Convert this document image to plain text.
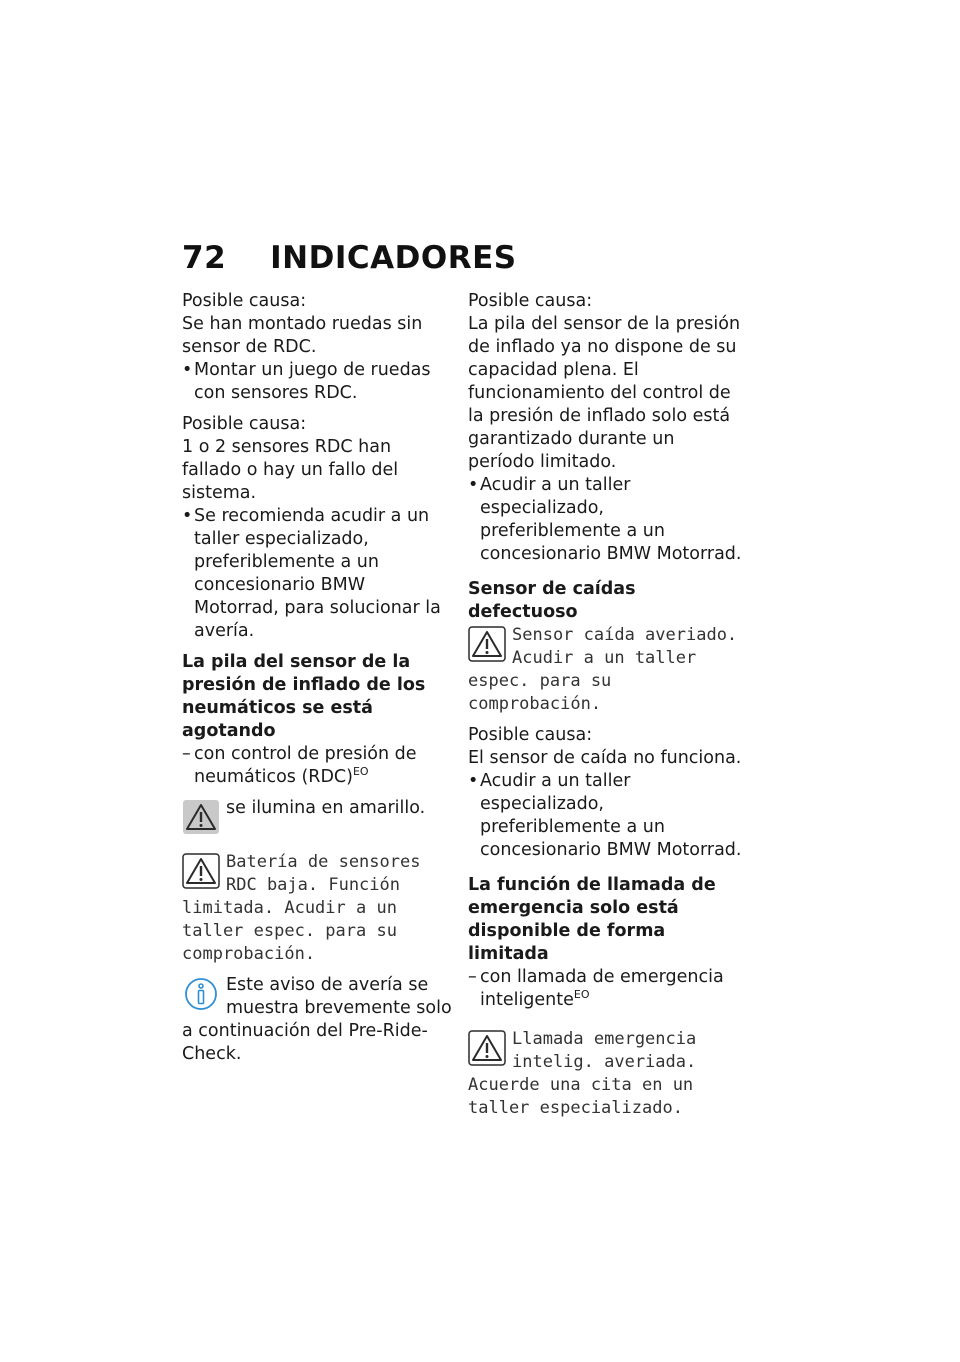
72 INDICADORES

Posible causa:

Se han montado ruedas sin sensor de RDC.

• Montar un juego de ruedas con sensores RDC.

Posible causa:

1 o 2 sensores RDC han fallado o hay un fallo del sistema.

• Se recomienda acudir a un taller especializado, preferiblemente a un concesionario BMW Motorrad, para solucionar la avería.

La pila del sensor de la presión de inflado de los neumáticos se está agotando

– con control de presión de neumáticos (RDC)$^{EO}$

se ilumina en amarillo.

Batería de sensores RDC baja. Función limitada. Acudir a un taller espec. para su comprobación.

Este aviso de avería se muestra brevemente solo a continuación del Pre-Ride-Check.

Posible causa:

La pila del sensor de la presión de inflado ya no dispone de su capacidad plena. El funcionamiento del control de la presión de inflado solo está garantizado durante un período limitado.

• Acudir a un taller especializado, preferiblemente a un concesionario BMW Motorrad.

Sensor de caídas defectuoso

Sensor caída averiado. Acudir a un taller espec. para su comprobación.

Posible causa:

El sensor de caída no funciona.

• Acudir a un taller especializado, preferiblemente a un concesionario BMW Motorrad.

La función de llamada de emergencia solo está disponible de forma limitada

– con llamada de emergencia inteligente$^{EO}$

Llamada emergencia intelig. averiada. Acuerde una cita en un taller especializado.
